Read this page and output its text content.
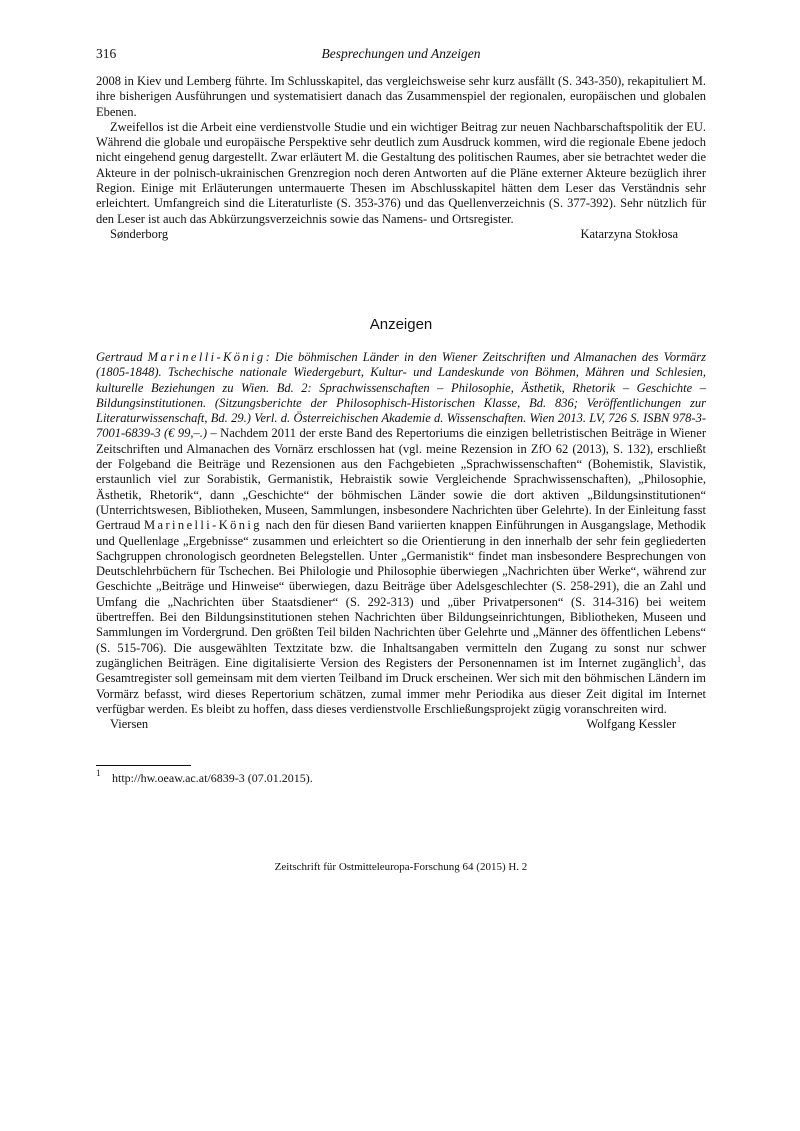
316	Besprechungen und Anzeigen

2008 in Kiev und Lemberg führte. Im Schlusskapitel, das vergleichsweise sehr kurz ausfällt (S. 343-350), rekapituliert M. ihre bisherigen Ausführungen und systematisiert danach das Zusammenspiel der regionalen, europäischen und globalen Ebenen.

Zweifellos ist die Arbeit eine verdienstvolle Studie und ein wichtiger Beitrag zur neuen Nachbarschaftspolitik der EU. Während die globale und europäische Perspektive sehr deutlich zum Ausdruck kommen, wird die regionale Ebene jedoch nicht eingehend genug dargestellt. Zwar erläutert M. die Gestaltung des politischen Raumes, aber sie betrachtet weder die Akteure in der polnisch-ukrainischen Grenzregion noch deren Antworten auf die Pläne externer Akteure bezüglich ihrer Region. Einige mit Erläuterungen untermauerte Thesen im Abschlusskapitel hätten dem Leser das Verständnis sehr erleichtert. Umfangreich sind die Literaturliste (S. 353-376) und das Quellenverzeichnis (S. 377-392). Sehr nützlich für den Leser ist auch das Abkürzungsverzeichnis sowie das Namens- und Ortsregister.

Sønderborg	Katarzyna Stokłosa
Anzeigen

Gertraud Marinelli-König: Die böhmischen Länder in den Wiener Zeitschriften und Almanachen des Vormärz (1805-1848). Tschechische nationale Wiedergeburt, Kultur- und Landeskunde von Böhmen, Mähren und Schlesien, kulturelle Beziehungen zu Wien. Bd. 2: Sprachwissenschaften – Philosophie, Ästhetik, Rhetorik – Geschichte – Bildungsinstitutionen. (Sitzungsberichte der Philosophisch-Historischen Klasse, Bd. 836; Veröffentlichungen zur Literaturwissenschaft, Bd. 29.) Verl. d. Österreichischen Akademie d. Wissenschaften. Wien 2013. LV, 726 S. ISBN 978-3-7001-6839-3 (€ 99,–.) – Nachdem 2011 der erste Band des Repertoriums die einzigen belletristischen Beiträge in Wiener Zeitschriften und Almanachen des Vornärz erschlossen hat (vgl. meine Rezension in ZfO 62 (2013), S. 132), erschließt der Folgeband die Beiträge und Rezensionen aus den Fachgebieten „Sprachwissenschaften“ (Bohemistik, Slavistik, erstaunlich viel zur Sorabistik, Germanistik, Hebraistik sowie Vergleichende Sprachwissenschaften), „Philosophie, Ästhetik, Rhetorik“, dann „Geschichte“ der böhmischen Länder sowie die dort aktiven „Bildungsinstitutionen“ (Unterrichtswesen, Bibliotheken, Museen, Sammlungen, insbesondere Nachrichten über Gelehrte). In der Einleitung fasst Gertraud Marinelli-König nach den für diesen Band variierten knappen Einführungen in Ausgangslage, Methodik und Quellenlage „Ergebnisse“ zusammen und erleichtert so die Orientierung in den innerhalb der sehr fein gegliederten Sachgruppen chronologisch geordneten Belegstellen. Unter „Germanistik“ findet man insbesondere Besprechungen von Deutschlehrbüchern für Tschechen. Bei Philologie und Philosophie überwiegen „Nachrichten über Werke“, während zur Geschichte „Beiträge und Hinweise“ überwiegen, dazu Beiträge über Adelsgeschlechter (S. 258-291), die an Zahl und Umfang die „Nachrichten über Staatsdiener“ (S. 292-313) und „über Privatpersonen“ (S. 314-316) bei weitem übertreffen. Bei den Bildungsinstitutionen stehen Nachrichten über Bildungseinrichtungen, Bibliotheken, Museen und Sammlungen im Vordergrund. Den größten Teil bilden Nachrichten über Gelehrte und „Männer des öffentlichen Lebens“ (S. 515-706). Die ausgewählten Textzitate bzw. die Inhaltsangaben vermitteln den Zugang zu sonst nur schwer zugänglichen Beiträgen. Eine digitalisierte Version des Registers der Personennamen ist im Internet zugänglich$^1$, das Gesamtregister soll gemeinsam mit dem vierten Teilband im Druck erscheinen. Wer sich mit den böhmischen Ländern im Vormärz befasst, wird dieses Repertorium schätzen, zumal immer mehr Periodika aus dieser Zeit digital im Internet verfügbar werden. Es bleibt zu hoffen, dass dieses verdienstvolle Erschließungsprojekt zügig voranschreiten wird.

Viersen	Wolfgang Kessler
1 http://hw.oeaw.ac.at/6839-3 (07.01.2015).
Zeitschrift für Ostmitteleuropa-Forschung 64 (2015) H. 2
